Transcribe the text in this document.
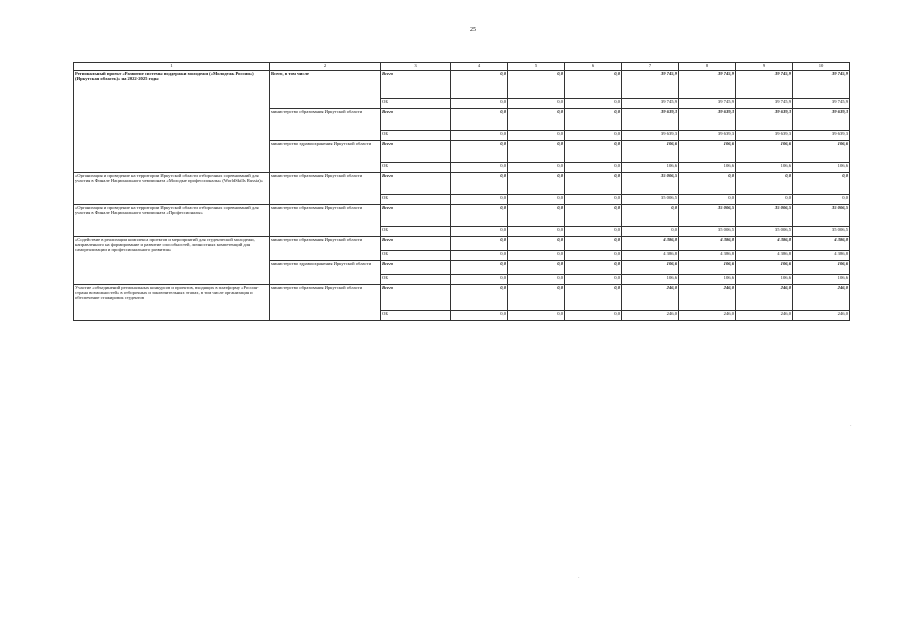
25
1	2	3	4	5	6	7	8	9	10
Региональный проект «Развитие системы поддержки молодежи («Молодежь России») (Иркутская область)» на 2022-2025 годы	Всего, в том числе	Всего	0,0	0,0	0,0	39 745,9	39 745,9	39 745,9	39 745,9
		ОБ	0,0	0,0	0,0	39 745,9	39 745,9	39 745,9	39 745,9
	министерство образования Иркутской области	Всего	0,0	0,0	0,0	39 639,3	39 639,3	39 639,3	39 639,3
		ОБ	0,0	0,0	0,0	39 639,3	39 639,3	39 639,3	39 639,3
	министерство здравоохранения Иркутской области	Всего	0,0	0,0	0,0	106,6	106,6	106,6	106,6
		ОБ	0,0	0,0	0,0	106,6	106,6	106,6	106,6
«Организация и проведение на территории Иркутской области отборочных соревнований для участия в Финале Национального чемпионата «Молодые профессионалы» (WorldSkills Russia)»	министерство образования Иркутской области	Всего	0,0	0,0	0,0	35 006,5	0,0	0,0	0,0
		ОБ	0,0	0,0	0,0	35 006,5	0,0	0,0	0,0
«Организация и проведение на территории Иркутской области отборочных соревнований для участия в Финале Национального чемпионата «Профессионалы»	министерство образования Иркутской области	Всего	0,0	0,0	0,0	0,0	35 006,5	35 006,5	35 006,5
		ОБ	0,0	0,0	0,0	0,0	35 006,5	35 006,5	35 006,5
«Содействие в реализации комплекса проектов и мероприятий для студенческой молодежи, направленного на формирование и развитие способностей, личностных компетенций для самореализации и профессионального развития»	министерство образования Иркутской области	Всего	0,0	0,0	0,0	4 386,8	4 386,8	4 386,8	4 386,8
		ОБ	0,0	0,0	0,0	4 386,8	4 386,8	4 386,8	4 386,8
	министерство здравоохранения Иркутской области	Всего	0,0	0,0	0,0	106,6	106,6	106,6	106,6
		ОБ	0,0	0,0	0,0	106,6	106,6	106,6	106,6
Участие «объединений региональных конкурсов и проектов, входящих в платформу «Россия- страна возможностей» в отборочных и заключительных этапах, в том числе организация и обеспечение стажировок студентов	министерство образования Иркутской области	Всего	0,0	0,0	0,0	246,0	246,0	246,0	246,0
		ОБ	0,0	0,0	0,0	246,0	246,0	246,0	246,0
·
·
